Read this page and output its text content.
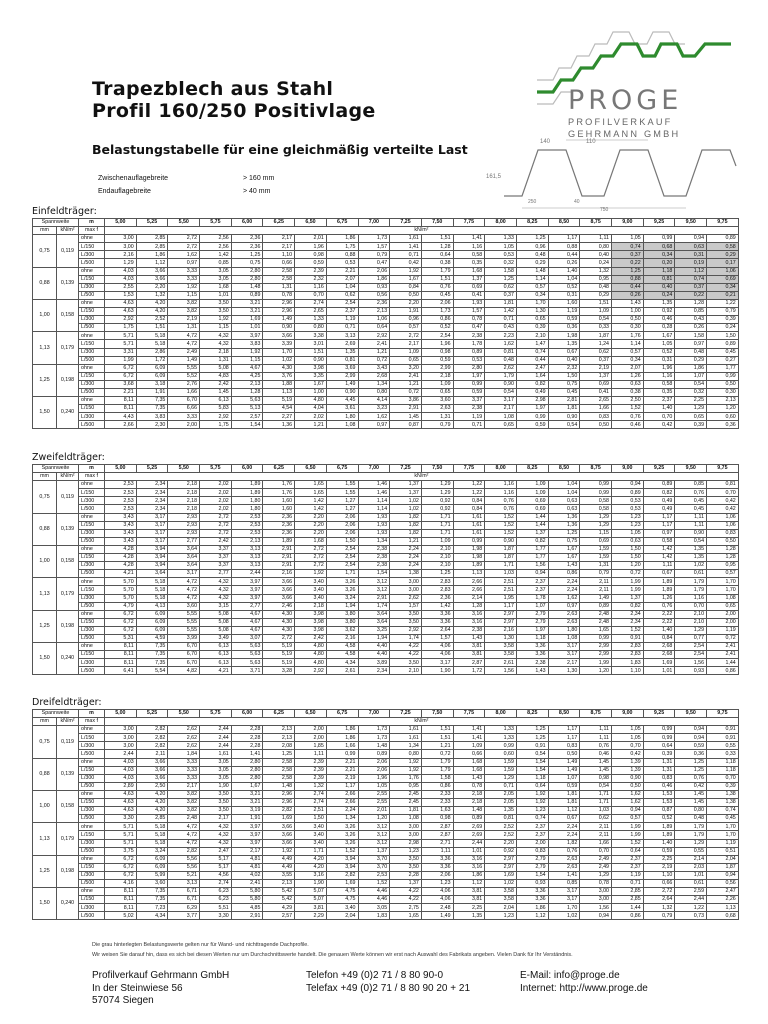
Trapezblech aus Stahl
Profil 160/250 Positivlage	PROGE
PROFILVERKAUF
GEHRMANN GMBH
Belastungstabelle für eine gleichmäßig verteilte Last
Zwischenauflagebreite	> 160 mm
Endauflagebreite	> 40 mm
140	110
161,5
250	40
750
Einfeldträger:
Spannweite		m	5,00	5,25	5,50	5,75	6,00	6,25	6,50	6,75	7,00	7,25	7,50	7,75	8,00	8,25	8,50	8,75	9,00	9,25	9,50	9,75
mm	kN/m²	max f	kN/m²																			
0,75	0,119	ohne	3,00	2,85	2,72	2,56	2,36	2,17	2,01	1,86	1,73	1,61	1,51	1,41	1,33	1,25	1,17	1,11	1,05	0,99	0,94	0,89
		L/150	3,00	2,85	2,72	2,56	2,36	2,17	1,96	1,75	1,57	1,41	1,28	1,16	1,05	0,96	0,88	0,80	0,74	0,68	0,63	0,58
		L/300	2,16	1,86	1,62	1,42	1,25	1,10	0,98	0,88	0,79	0,71	0,64	0,58	0,53	0,48	0,44	0,40	0,37	0,34	0,31	0,29
		L/500	1,29	1,12	0,97	0,85	0,75	0,66	0,59	0,53	0,47	0,42	0,38	0,35	0,32	0,29	0,26	0,24	0,22	0,20	0,19	0,17
0,88	0,139	ohne	4,03	3,66	3,33	3,05	2,80	2,58	2,39	2,21	2,06	1,92	1,79	1,68	1,58	1,48	1,40	1,32	1,25	1,18	1,12	1,06
		L/150	4,03	3,66	3,33	3,05	2,80	2,58	2,32	2,07	1,86	1,67	1,51	1,37	1,25	1,14	1,04	0,95	0,88	0,81	0,74	0,69
		L/300	2,55	2,20	1,92	1,68	1,48	1,31	1,16	1,04	0,93	0,84	0,76	0,69	0,62	0,57	0,52	0,48	0,44	0,40	0,37	0,34
		L/500	1,53	1,32	1,15	1,01	0,89	0,78	0,70	0,62	0,56	0,50	0,45	0,41	0,37	0,34	0,31	0,29	0,26	0,24	0,22	0,21
1,00	0,158	ohne	4,63	4,20	3,82	3,50	3,21	2,96	2,74	2,54	2,36	2,20	2,06	1,93	1,81	1,70	1,60	1,51	1,43	1,35	1,28	1,22
		L/150	4,63	4,20	3,82	3,50	3,21	2,96	2,65	2,37	2,13	1,91	1,73	1,57	1,42	1,30	1,19	1,09	1,00	0,92	0,85	0,79
		L/300	2,92	2,52	2,19	1,92	1,69	1,49	1,33	1,19	1,06	0,96	0,86	0,78	0,71	0,65	0,59	0,54	0,50	0,46	0,43	0,39
		L/500	1,75	1,51	1,31	1,15	1,01	0,90	0,80	0,71	0,64	0,57	0,52	0,47	0,43	0,39	0,36	0,33	0,30	0,28	0,26	0,24
1,13	0,179	ohne	5,71	5,18	4,72	4,32	3,97	3,66	3,38	3,13	2,92	2,72	2,54	2,38	2,23	2,10	1,98	1,87	1,76	1,67	1,58	1,50
		L/150	5,71	5,18	4,72	4,32	3,83	3,39	3,01	2,69	2,41	2,17	1,96	1,78	1,62	1,47	1,35	1,24	1,14	1,05	0,97	0,89
		L/300	3,31	2,86	2,49	2,18	1,92	1,70	1,51	1,35	1,21	1,09	0,98	0,89	0,81	0,74	0,67	0,62	0,57	0,52	0,48	0,45
		L/500	1,99	1,72	1,49	1,31	1,15	1,02	0,90	0,81	0,72	0,65	0,59	0,53	0,48	0,44	0,40	0,37	0,34	0,31	0,29	0,27
1,25	0,198	ohne	6,72	6,09	5,55	5,08	4,67	4,30	3,98	3,69	3,43	3,20	2,99	2,80	2,62	2,47	2,32	2,19	2,07	1,96	1,86	1,77
		L/150	6,72	6,09	5,52	4,83	4,25	3,76	3,35	2,99	2,68	2,41	2,18	1,97	1,79	1,64	1,50	1,37	1,26	1,16	1,07	0,99
		L/300	3,68	3,18	2,76	2,42	2,13	1,88	1,67	1,49	1,34	1,21	1,09	0,99	0,90	0,82	0,75	0,69	0,63	0,58	0,54	0,50
		L/500	2,21	1,91	1,66	1,45	1,28	1,13	1,00	0,90	0,80	0,72	0,65	0,59	0,54	0,49	0,45	0,41	0,38	0,35	0,32	0,30
1,50	0,240	ohne	8,11	7,35	6,70	6,13	5,63	5,19	4,80	4,45	4,14	3,86	3,60	3,37	3,17	2,98	2,81	2,65	2,50	2,37	2,25	2,13
		L/150	8,11	7,35	6,66	5,83	5,13	4,54	4,04	3,61	3,23	2,91	2,63	2,38	2,17	1,97	1,81	1,66	1,52	1,40	1,29	1,20
		L/300	4,43	3,83	3,33	2,92	2,57	2,27	2,02	1,80	1,62	1,45	1,31	1,19	1,08	0,99	0,90	0,83	0,76	0,70	0,65	0,60
		L/500	2,66	2,30	2,00	1,75	1,54	1,36	1,21	1,08	0,97	0,87	0,79	0,71	0,65	0,59	0,54	0,50	0,46	0,42	0,39	0,36
Zweifeldträger:
Spannweite		m	5,00	5,25	5,50	5,75	6,00	6,25	6,50	6,75	7,00	7,25	7,50	7,75	8,00	8,25	8,50	8,75	9,00	9,25	9,50	9,75
mm	kN/m²	max f	kN/m²																			
0,75	0,119	ohne	2,53	2,34	2,18	2,02	1,89	1,76	1,65	1,55	1,46	1,37	1,29	1,22	1,16	1,09	1,04	0,99	0,94	0,89	0,85	0,81
		L/150	2,53	2,34	2,18	2,02	1,89	1,76	1,65	1,55	1,46	1,37	1,29	1,22	1,16	1,09	1,04	0,99	0,89	0,82	0,76	0,70
		L/300	2,53	2,34	2,18	2,02	1,80	1,60	1,42	1,27	1,14	1,02	0,92	0,84	0,76	0,69	0,63	0,58	0,53	0,49	0,45	0,42
		L/500	2,53	2,34	2,18	2,02	1,80	1,60	1,42	1,27	1,14	1,02	0,92	0,84	0,76	0,69	0,63	0,58	0,53	0,49	0,45	0,42
0,88	0,139	ohne	3,43	3,17	2,93	2,72	2,53	2,36	2,20	2,06	1,93	1,82	1,71	1,61	1,52	1,44	1,36	1,29	1,23	1,17	1,11	1,06
		L/150	3,43	3,17	2,93	2,72	2,53	2,36	2,20	2,06	1,93	1,82	1,71	1,61	1,52	1,44	1,36	1,29	1,23	1,17	1,11	1,06
		L/300	3,43	3,17	2,93	2,72	2,53	2,36	2,20	2,06	1,93	1,82	1,71	1,61	1,52	1,37	1,25	1,15	1,05	0,97	0,90	0,83
		L/500	3,43	3,17	2,77	2,42	2,13	1,89	1,68	1,50	1,34	1,21	1,09	0,99	0,90	0,82	0,75	0,69	0,63	0,58	0,54	0,50
1,00	0,158	ohne	4,28	3,94	3,64	3,37	3,13	2,91	2,72	2,54	2,38	2,24	2,10	1,98	1,87	1,77	1,67	1,59	1,50	1,42	1,35	1,28
		L/150	4,28	3,94	3,64	3,37	3,13	2,91	2,72	2,54	2,38	2,24	2,10	1,98	1,87	1,77	1,67	1,59	1,50	1,42	1,35	1,28
		L/300	4,28	3,94	3,64	3,37	3,13	2,91	2,72	2,54	2,38	2,24	2,10	1,89	1,71	1,56	1,43	1,31	1,20	1,11	1,02	0,95
		L/500	4,21	3,64	3,17	2,77	2,44	2,16	1,92	1,71	1,54	1,38	1,25	1,13	1,03	0,94	0,86	0,79	0,72	0,67	0,61	0,57
1,13	0,179	ohne	5,70	5,18	4,72	4,32	3,97	3,66	3,40	3,26	3,12	3,00	2,83	2,66	2,51	2,37	2,24	2,11	1,99	1,89	1,79	1,70
		L/150	5,70	5,18	4,72	4,32	3,97	3,66	3,40	3,26	3,12	3,00	2,83	2,66	2,51	2,37	2,24	2,11	1,99	1,89	1,79	1,70
		L/300	5,70	5,18	4,72	4,32	3,97	3,66	3,40	3,24	2,91	2,62	2,36	2,14	1,95	1,78	1,62	1,49	1,37	1,26	1,16	1,08
		L/500	4,79	4,13	3,60	3,15	2,77	2,46	2,18	1,94	1,74	1,57	1,42	1,28	1,17	1,07	0,97	0,89	0,82	0,76	0,70	0,65
1,25	0,198	ohne	6,72	6,09	5,55	5,08	4,67	4,30	3,98	3,80	3,64	3,50	3,36	3,16	2,97	2,79	2,63	2,48	2,34	2,22	2,10	2,00
		L/150	6,72	6,09	5,55	5,08	4,67	4,30	3,98	3,80	3,64	3,50	3,36	3,16	2,97	2,79	2,63	2,48	2,34	2,22	2,10	2,00
		L/300	6,72	6,09	5,55	5,08	4,67	4,30	3,98	3,62	3,25	2,92	2,64	2,38	2,16	1,97	1,80	1,65	1,52	1,40	1,29	1,19
		L/500	5,31	4,59	3,99	3,49	3,07	2,72	2,42	2,16	1,94	1,74	1,57	1,43	1,30	1,18	1,08	0,99	0,91	0,84	0,77	0,72
1,50	0,240	ohne	8,11	7,35	6,70	6,13	5,63	5,19	4,80	4,58	4,40	4,22	4,06	3,81	3,58	3,36	3,17	2,99	2,83	2,68	2,54	2,41
		L/150	8,11	7,35	6,70	6,13	5,63	5,19	4,80	4,58	4,40	4,22	4,06	3,81	3,58	3,36	3,17	2,99	2,83	2,68	2,54	2,41
		L/300	8,11	7,35	6,70	6,13	5,63	5,19	4,80	4,34	3,89	3,50	3,17	2,87	2,61	2,38	2,17	1,99	1,83	1,69	1,56	1,44
		L/500	6,41	5,54	4,82	4,21	3,71	3,28	2,92	2,61	2,34	2,10	1,90	1,72	1,56	1,43	1,30	1,20	1,10	1,01	0,93	0,86
Dreifeldträger:
Spannweite		m	5,00	5,25	5,50	5,75	6,00	6,25	6,50	6,75	7,00	7,25	7,50	7,75	8,00	8,25	8,50	8,75	9,00	9,25	9,50	9,75
mm	kN/m²	max f	kN/m²																			
0,75	0,119	ohne	3,00	2,82	2,62	2,44	2,28	2,13	2,00	1,86	1,73	1,61	1,51	1,41	1,33	1,25	1,17	1,11	1,05	0,99	0,94	0,91
		L/150	3,00	2,82	2,62	2,44	2,28	2,13	2,00	1,86	1,73	1,61	1,51	1,41	1,33	1,25	1,17	1,11	1,05	0,99	0,94	0,91
		L/300	3,00	2,82	2,62	2,44	2,28	2,08	1,85	1,66	1,48	1,34	1,21	1,09	0,99	0,91	0,83	0,76	0,70	0,64	0,59	0,55
		L/500	2,44	2,11	1,84	1,61	1,41	1,25	1,11	0,99	0,89	0,80	0,72	0,66	0,60	0,54	0,50	0,46	0,42	0,39	0,36	0,33
0,88	0,139	ohne	4,03	3,66	3,33	3,05	2,80	2,58	2,39	2,21	2,06	1,92	1,79	1,68	1,59	1,54	1,49	1,45	1,39	1,31	1,25	1,18
		L/150	4,03	3,66	3,33	3,05	2,80	2,58	2,39	2,21	2,06	1,92	1,79	1,68	1,59	1,54	1,49	1,45	1,39	1,31	1,25	1,18
		L/300	4,03	3,66	3,33	3,05	2,80	2,58	2,39	2,19	1,96	1,76	1,58	1,43	1,29	1,18	1,07	0,98	0,90	0,83	0,76	0,70
		L/500	2,89	2,50	2,17	1,90	1,67	1,48	1,32	1,17	1,05	0,95	0,86	0,78	0,71	0,64	0,59	0,54	0,50	0,46	0,42	0,39
1,00	0,158	ohne	4,63	4,20	3,82	3,50	3,21	2,96	2,74	2,66	2,55	2,45	2,33	2,18	2,05	1,92	1,81	1,71	1,62	1,53	1,45	1,38
		L/150	4,63	4,20	3,82	3,50	3,21	2,96	2,74	2,66	2,55	2,45	2,33	2,18	2,05	1,92	1,81	1,71	1,62	1,53	1,45	1,38
		L/300	4,63	4,20	3,82	3,50	3,19	2,82	2,51	2,24	2,01	1,81	1,63	1,48	1,35	1,23	1,12	1,03	0,94	0,87	0,80	0,74
		L/500	3,30	2,85	2,48	2,17	1,91	1,69	1,50	1,34	1,20	1,08	0,98	0,89	0,81	0,74	0,67	0,62	0,57	0,52	0,48	0,45
1,13	0,179	ohne	5,71	5,18	4,72	4,32	3,97	3,66	3,40	3,26	3,12	3,00	2,87	2,69	2,52	2,37	2,24	2,11	1,99	1,89	1,79	1,70
		L/150	5,71	5,18	4,72	4,32	3,97	3,66	3,40	3,26	3,12	3,00	2,87	2,69	2,52	2,37	2,24	2,11	1,99	1,89	1,79	1,70
		L/300	5,71	5,18	4,72	4,32	3,97	3,66	3,40	3,26	3,12	2,98	2,71	2,44	2,20	2,00	1,82	1,66	1,52	1,40	1,29	1,19
		L/500	3,75	3,24	2,82	2,47	2,17	1,92	1,71	1,52	1,37	1,23	1,11	1,01	0,92	0,83	0,76	0,70	0,64	0,59	0,55	0,51
1,25	0,198	ohne	6,72	6,09	5,56	5,17	4,81	4,49	4,20	3,94	3,70	3,50	3,36	3,16	2,97	2,79	2,63	2,49	2,37	2,25	2,14	2,04
		L/150	6,72	6,09	5,56	5,17	4,81	4,49	4,20	3,94	3,70	3,50	3,36	3,16	2,97	2,79	2,63	2,49	2,37	2,19	2,03	1,87
		L/300	6,72	5,99	5,21	4,56	4,02	3,55	3,16	2,82	2,53	2,28	2,06	1,86	1,69	1,54	1,41	1,29	1,19	1,10	1,01	0,94
		L/500	4,16	3,60	3,13	2,74	2,41	2,13	1,90	1,69	1,52	1,37	1,23	1,12	1,02	0,93	0,85	0,78	0,71	0,66	0,61	0,56
1,50	0,240	ohne	8,11	7,35	6,71	6,23	5,80	5,42	5,07	4,75	4,46	4,22	4,06	3,81	3,58	3,36	3,17	3,00	2,85	2,72	2,59	2,47
		L/150	8,11	7,35	6,71	6,23	5,80	5,42	5,07	4,75	4,46	4,22	4,06	3,81	3,58	3,36	3,17	3,00	2,85	2,64	2,44	2,26
		L/300	8,11	7,23	6,29	5,51	4,85	4,29	3,81	3,40	3,05	2,75	2,48	2,25	2,04	1,86	1,70	1,56	1,44	1,32	1,22	1,13
		L/500	5,02	4,34	3,77	3,30	2,91	2,57	2,29	2,04	1,83	1,65	1,49	1,35	1,23	1,12	1,02	0,94	0,86	0,79	0,73	0,68
Die grau hinterlegten Belastungswerte gelten nur für Wand- und nichttragende Dachprofile.
Wir weisen Sie darauf hin, dass es sich bei diesen Werten nur um Durchschnittswerte handelt. Die genauen Werte können wir erst nach Auswahl des Fabrikats angeben. Vielen Dank für Ihr Verständnis.
Profilverkauf Gehrmann GmbH
In der Steinwiese 56
57074 Siegen
Telefon +49 (0)2 71 / 8 80 90-0
Telefax +49 (0)2 71 / 8 80 90 20 + 21
E-Mail: info@proge.de
Internet: http://www.proge.de
